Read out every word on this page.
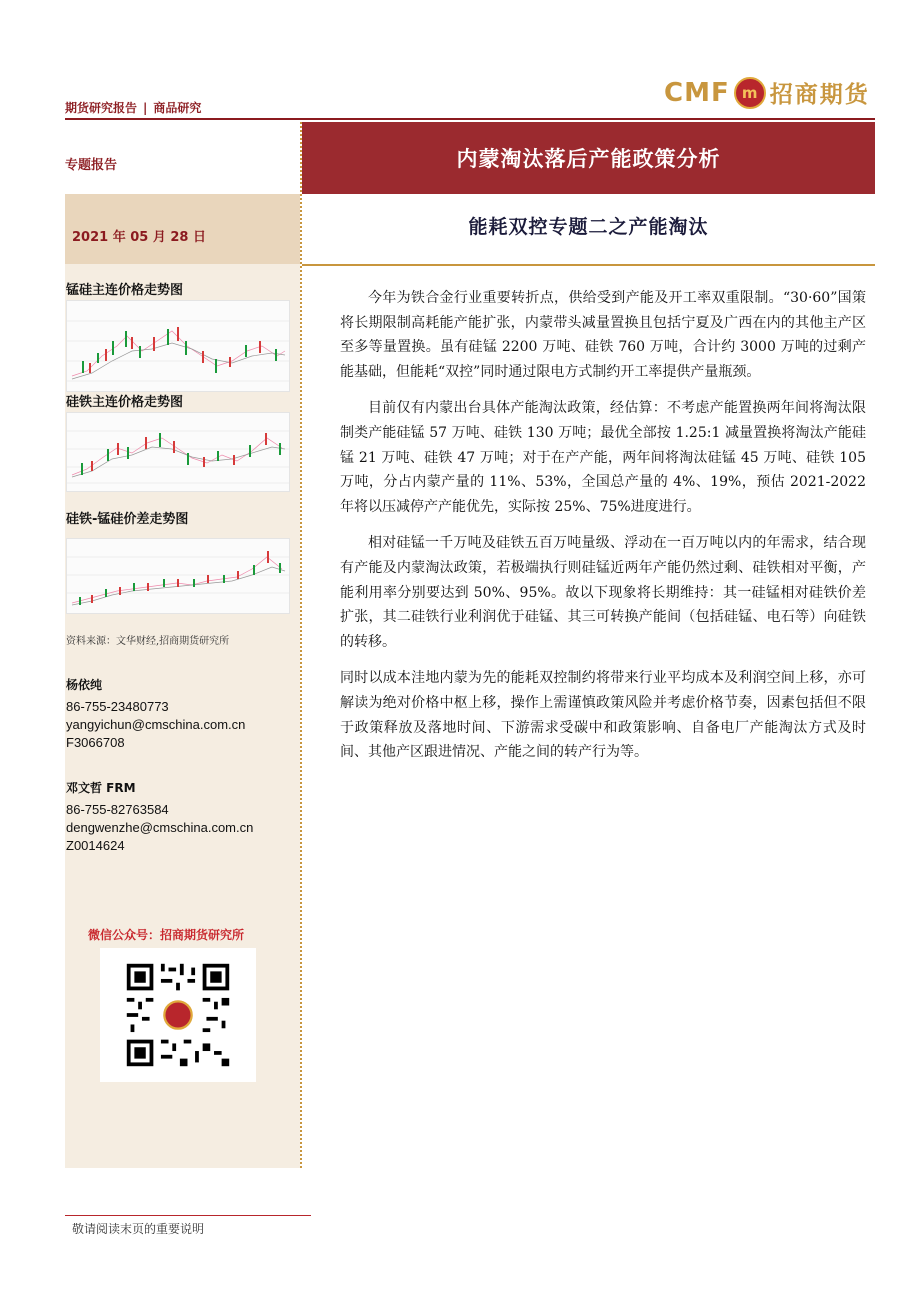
期货研究报告 | 商品研究
CMF m 招商期货
专题报告	内蒙淘汰落后产能政策分析
2021 年 05 月 28 日	能耗双控专题二之产能淘汰
锰硅主连价格走势图
硅铁主连价格走势图
硅铁-锰硅价差走势图
资料来源：文华财经,招商期货研究所
杨依纯
86-755-23480773
yangyichun@cmschina.com.cn
F3066708
邓文哲 FRM
86-755-82763584
dengwenzhe@cmschina.com.cn
Z0014624
微信公众号：招商期货研究所

今年为铁合金行业重要转折点，供给受到产能及开工率双重限制。“30·60”国策将长期限制高耗能产能扩张，内蒙带头减量置换且包括宁夏及广西在内的其他主产区至多等量置换。虽有硅锰 2200 万吨、硅铁 760 万吨，合计约 3000 万吨的过剩产能基础，但能耗“双控”同时通过限电方式制约开工率提供产量瓶颈。

目前仅有内蒙出台具体产能淘汰政策，经估算：不考虑产能置换两年间将淘汰限制类产能硅锰 57 万吨、硅铁 130 万吨；最优全部按 1.25:1 减量置换将淘汰产能硅锰 21 万吨、硅铁 47 万吨；对于在产产能，两年间将淘汰硅锰 45 万吨、硅铁 105 万吨，分占内蒙产量的 11%、53%，全国总产量的 4%、19%，预估 2021-2022 年将以压减停产产能优先，实际按 25%、75%进度进行。

相对硅锰一千万吨及硅铁五百万吨量级、浮动在一百万吨以内的年需求，结合现有产能及内蒙淘汰政策，若极端执行则硅锰近两年产能仍然过剩、硅铁相对平衡，产能利用率分别要达到 50%、95%。故以下现象将长期维持：其一硅锰相对硅铁价差扩张，其二硅铁行业利润优于硅锰、其三可转换产能间（包括硅锰、电石等）向硅铁的转移。

同时以成本洼地内蒙为先的能耗双控制约将带来行业平均成本及利润空间上移，亦可解读为绝对价格中枢上移，操作上需谨慎政策风险并考虑价格节奏，因素包括但不限于政策释放及落地时间、下游需求受碳中和政策影响、自备电厂产能淘汰方式及时间、其他产区跟进情况、产能之间的转产行为等。

敬请阅读末页的重要说明
